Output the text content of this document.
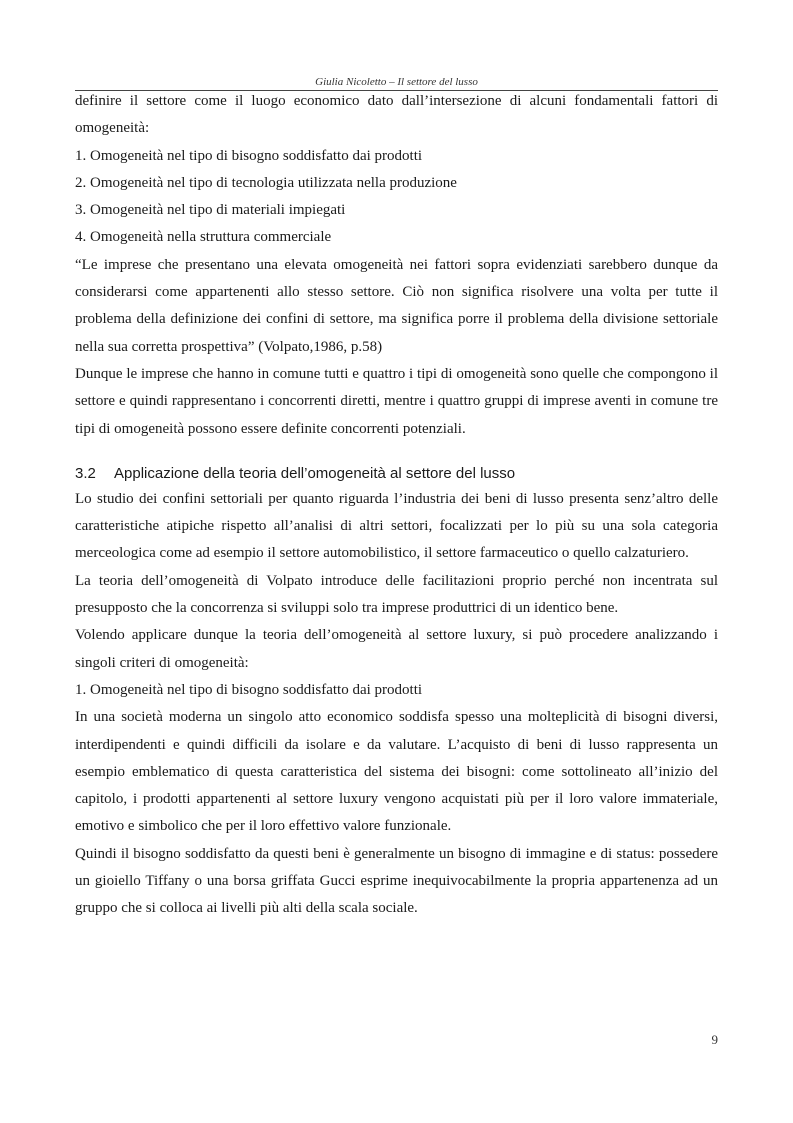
Giulia Nicoletto – Il settore del lusso

definire il settore come il luogo economico dato dall’intersezione di alcuni fondamentali fattori di omogeneità:

1. Omogeneità nel tipo di bisogno soddisfatto dai prodotti

2. Omogeneità nel tipo di tecnologia utilizzata nella produzione

3. Omogeneità nel tipo di materiali impiegati

4. Omogeneità nella struttura commerciale

“Le imprese che presentano una elevata omogeneità nei fattori sopra evidenziati sarebbero dunque da considerarsi come appartenenti allo stesso settore. Ciò non significa risolvere una volta per tutte il problema della definizione dei confini di settore, ma significa porre il problema della divisione settoriale nella sua corretta prospettiva” (Volpato,1986, p.58)

Dunque le imprese che hanno in comune tutti e quattro i tipi di omogeneità sono quelle che compongono il settore e quindi rappresentano i concorrenti diretti, mentre i quattro gruppi di imprese aventi in comune tre tipi di omogeneità possono essere definite concorrenti potenziali.

3.2	Applicazione della teoria dell’omogeneità al settore del lusso

Lo studio dei confini settoriali per quanto riguarda l’industria dei beni di lusso presenta senz’altro delle caratteristiche atipiche rispetto all’analisi di altri settori, focalizzati per lo più su una sola categoria merceologica come ad esempio il settore automobilistico, il settore farmaceutico o quello calzaturiero.

La teoria dell’omogeneità di Volpato introduce delle facilitazioni proprio perché non incentrata sul presupposto che la concorrenza si sviluppi solo tra imprese produttrici di un identico bene.

Volendo applicare dunque la teoria dell’omogeneità al settore luxury, si può procedere analizzando i singoli criteri di omogeneità:

1. Omogeneità nel tipo di bisogno soddisfatto dai prodotti

In una società moderna un singolo atto economico soddisfa spesso una molteplicità di bisogni diversi, interdipendenti e quindi difficili da isolare e da valutare. L’acquisto di beni di lusso rappresenta un esempio emblematico di questa caratteristica del sistema dei bisogni: come sottolineato all’inizio del capitolo, i prodotti appartenenti al settore luxury vengono acquistati più per il loro valore immateriale, emotivo e simbolico che per il loro effettivo valore funzionale.

Quindi il bisogno soddisfatto da questi beni è generalmente un bisogno di immagine e di status: possedere un gioiello Tiffany o una borsa griffata Gucci esprime inequivocabilmente la propria appartenenza ad un gruppo che si colloca ai livelli più alti della scala sociale.

9
